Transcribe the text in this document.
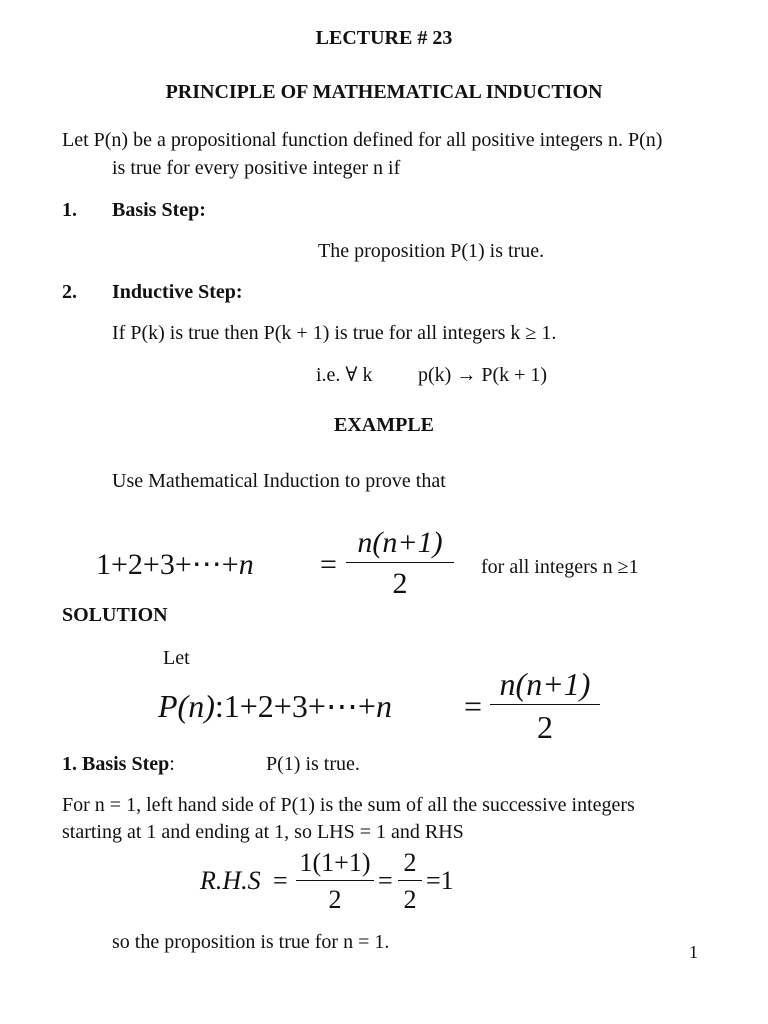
LECTURE # 23
PRINCIPLE OF MATHEMATICAL INDUCTION
Let P(n) be a propositional function defined for all positive integers n. P(n)
is true for every positive integer n if
1. Basis Step:
The proposition P(1) is true.
2. Inductive Step:
If P(k) is true then P(k + 1) is true for all integers k ≥ 1.
i.e. ∀ k p(k) → P(k + 1)
EXAMPLE
Use Mathematical Induction to prove that
1+2+3+⋯+n =
n(n+1)
2	for all integers n ≥1
SOLUTION
Let
P(n):1+2+3+⋯+n =
n(n+1)
2
1. Basis Step:	P(1) is true.
For n = 1, left hand side of P(1) is the sum of all the successive integers
starting at 1 and ending at 1, so LHS = 1 and RHS
R.H.S =
1(1+1)
2
=
2
2
=1
so the proposition is true for n = 1.	1
